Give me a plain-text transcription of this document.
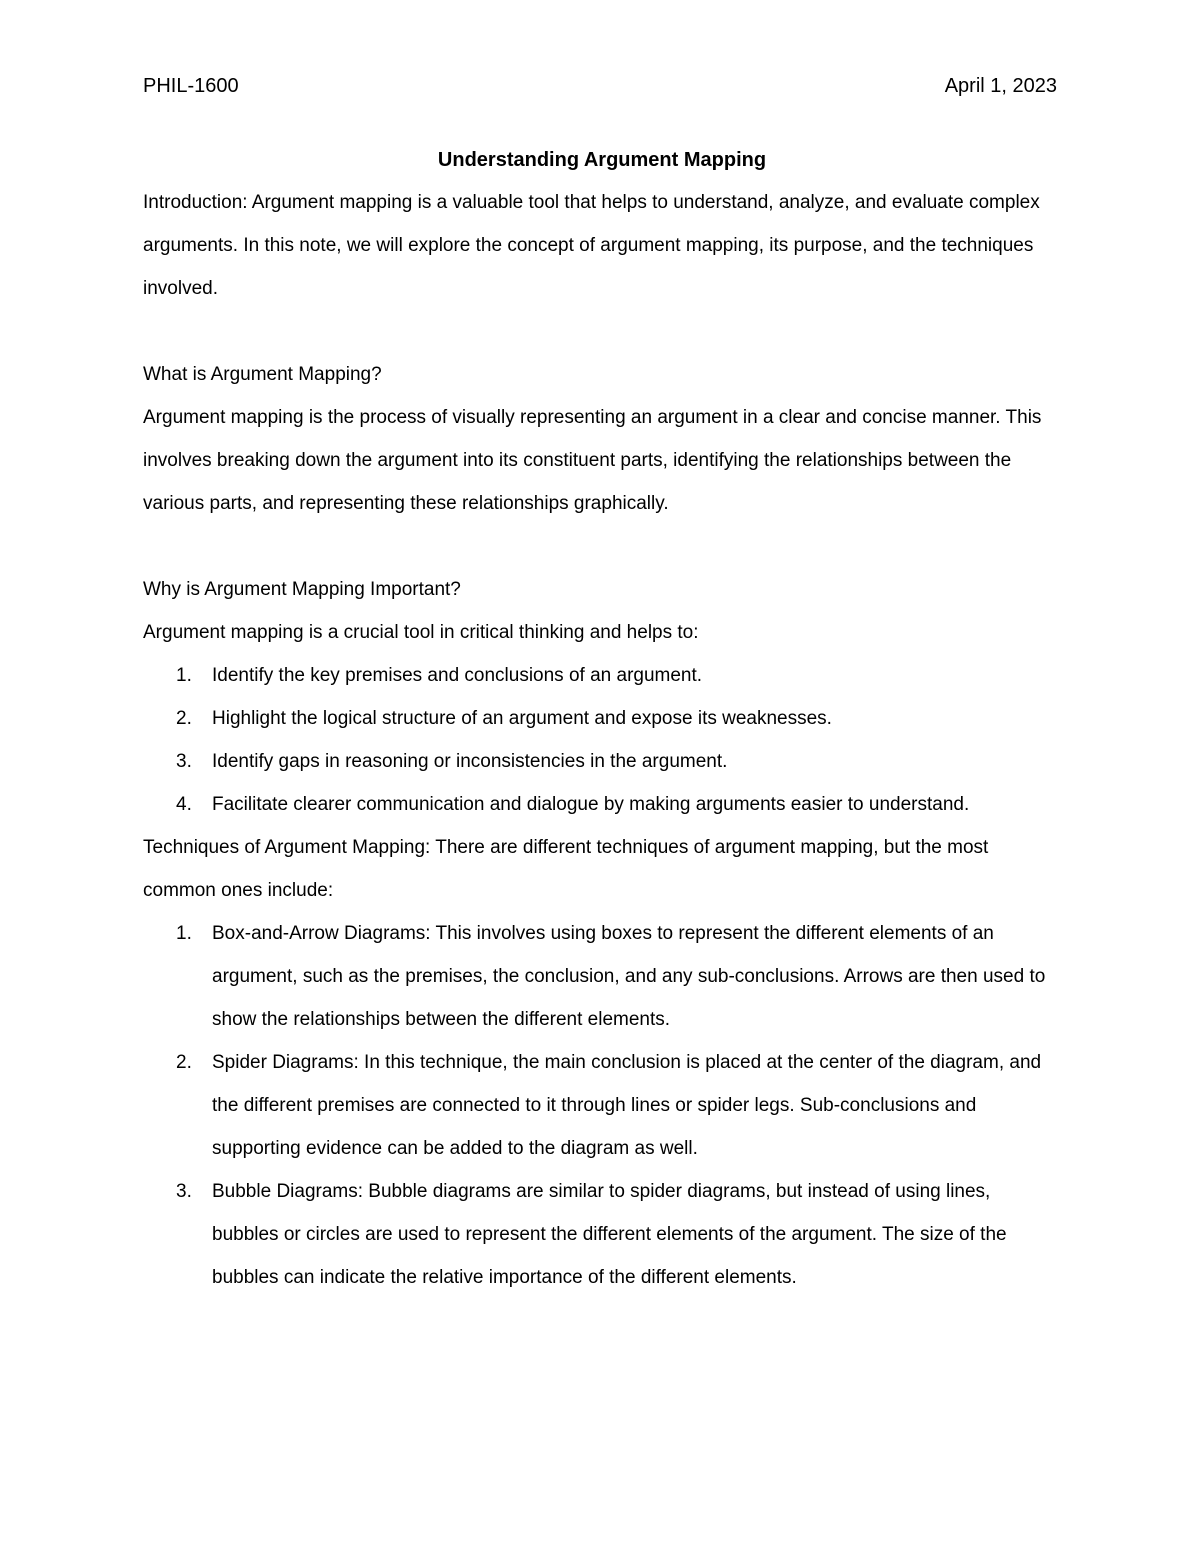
PHIL-1600	April 1, 2023
Understanding Argument Mapping

Introduction: Argument mapping is a valuable tool that helps to understand, analyze, and evaluate complex arguments. In this note, we will explore the concept of argument mapping, its purpose, and the techniques involved.

What is Argument Mapping?

Argument mapping is the process of visually representing an argument in a clear and concise manner. This involves breaking down the argument into its constituent parts, identifying the relationships between the various parts, and representing these relationships graphically.

Why is Argument Mapping Important?

Argument mapping is a crucial tool in critical thinking and helps to:

1. Identify the key premises and conclusions of an argument.
2. Highlight the logical structure of an argument and expose its weaknesses.
3. Identify gaps in reasoning or inconsistencies in the argument.
4. Facilitate clearer communication and dialogue by making arguments easier to understand.

Techniques of Argument Mapping: There are different techniques of argument mapping, but the most common ones include:

1. Box-and-Arrow Diagrams: This involves using boxes to represent the different elements of an argument, such as the premises, the conclusion, and any sub-conclusions. Arrows are then used to show the relationships between the different elements.
2. Spider Diagrams: In this technique, the main conclusion is placed at the center of the diagram, and the different premises are connected to it through lines or spider legs. Sub-conclusions and supporting evidence can be added to the diagram as well.
3. Bubble Diagrams: Bubble diagrams are similar to spider diagrams, but instead of using lines, bubbles or circles are used to represent the different elements of the argument. The size of the bubbles can indicate the relative importance of the different elements.
